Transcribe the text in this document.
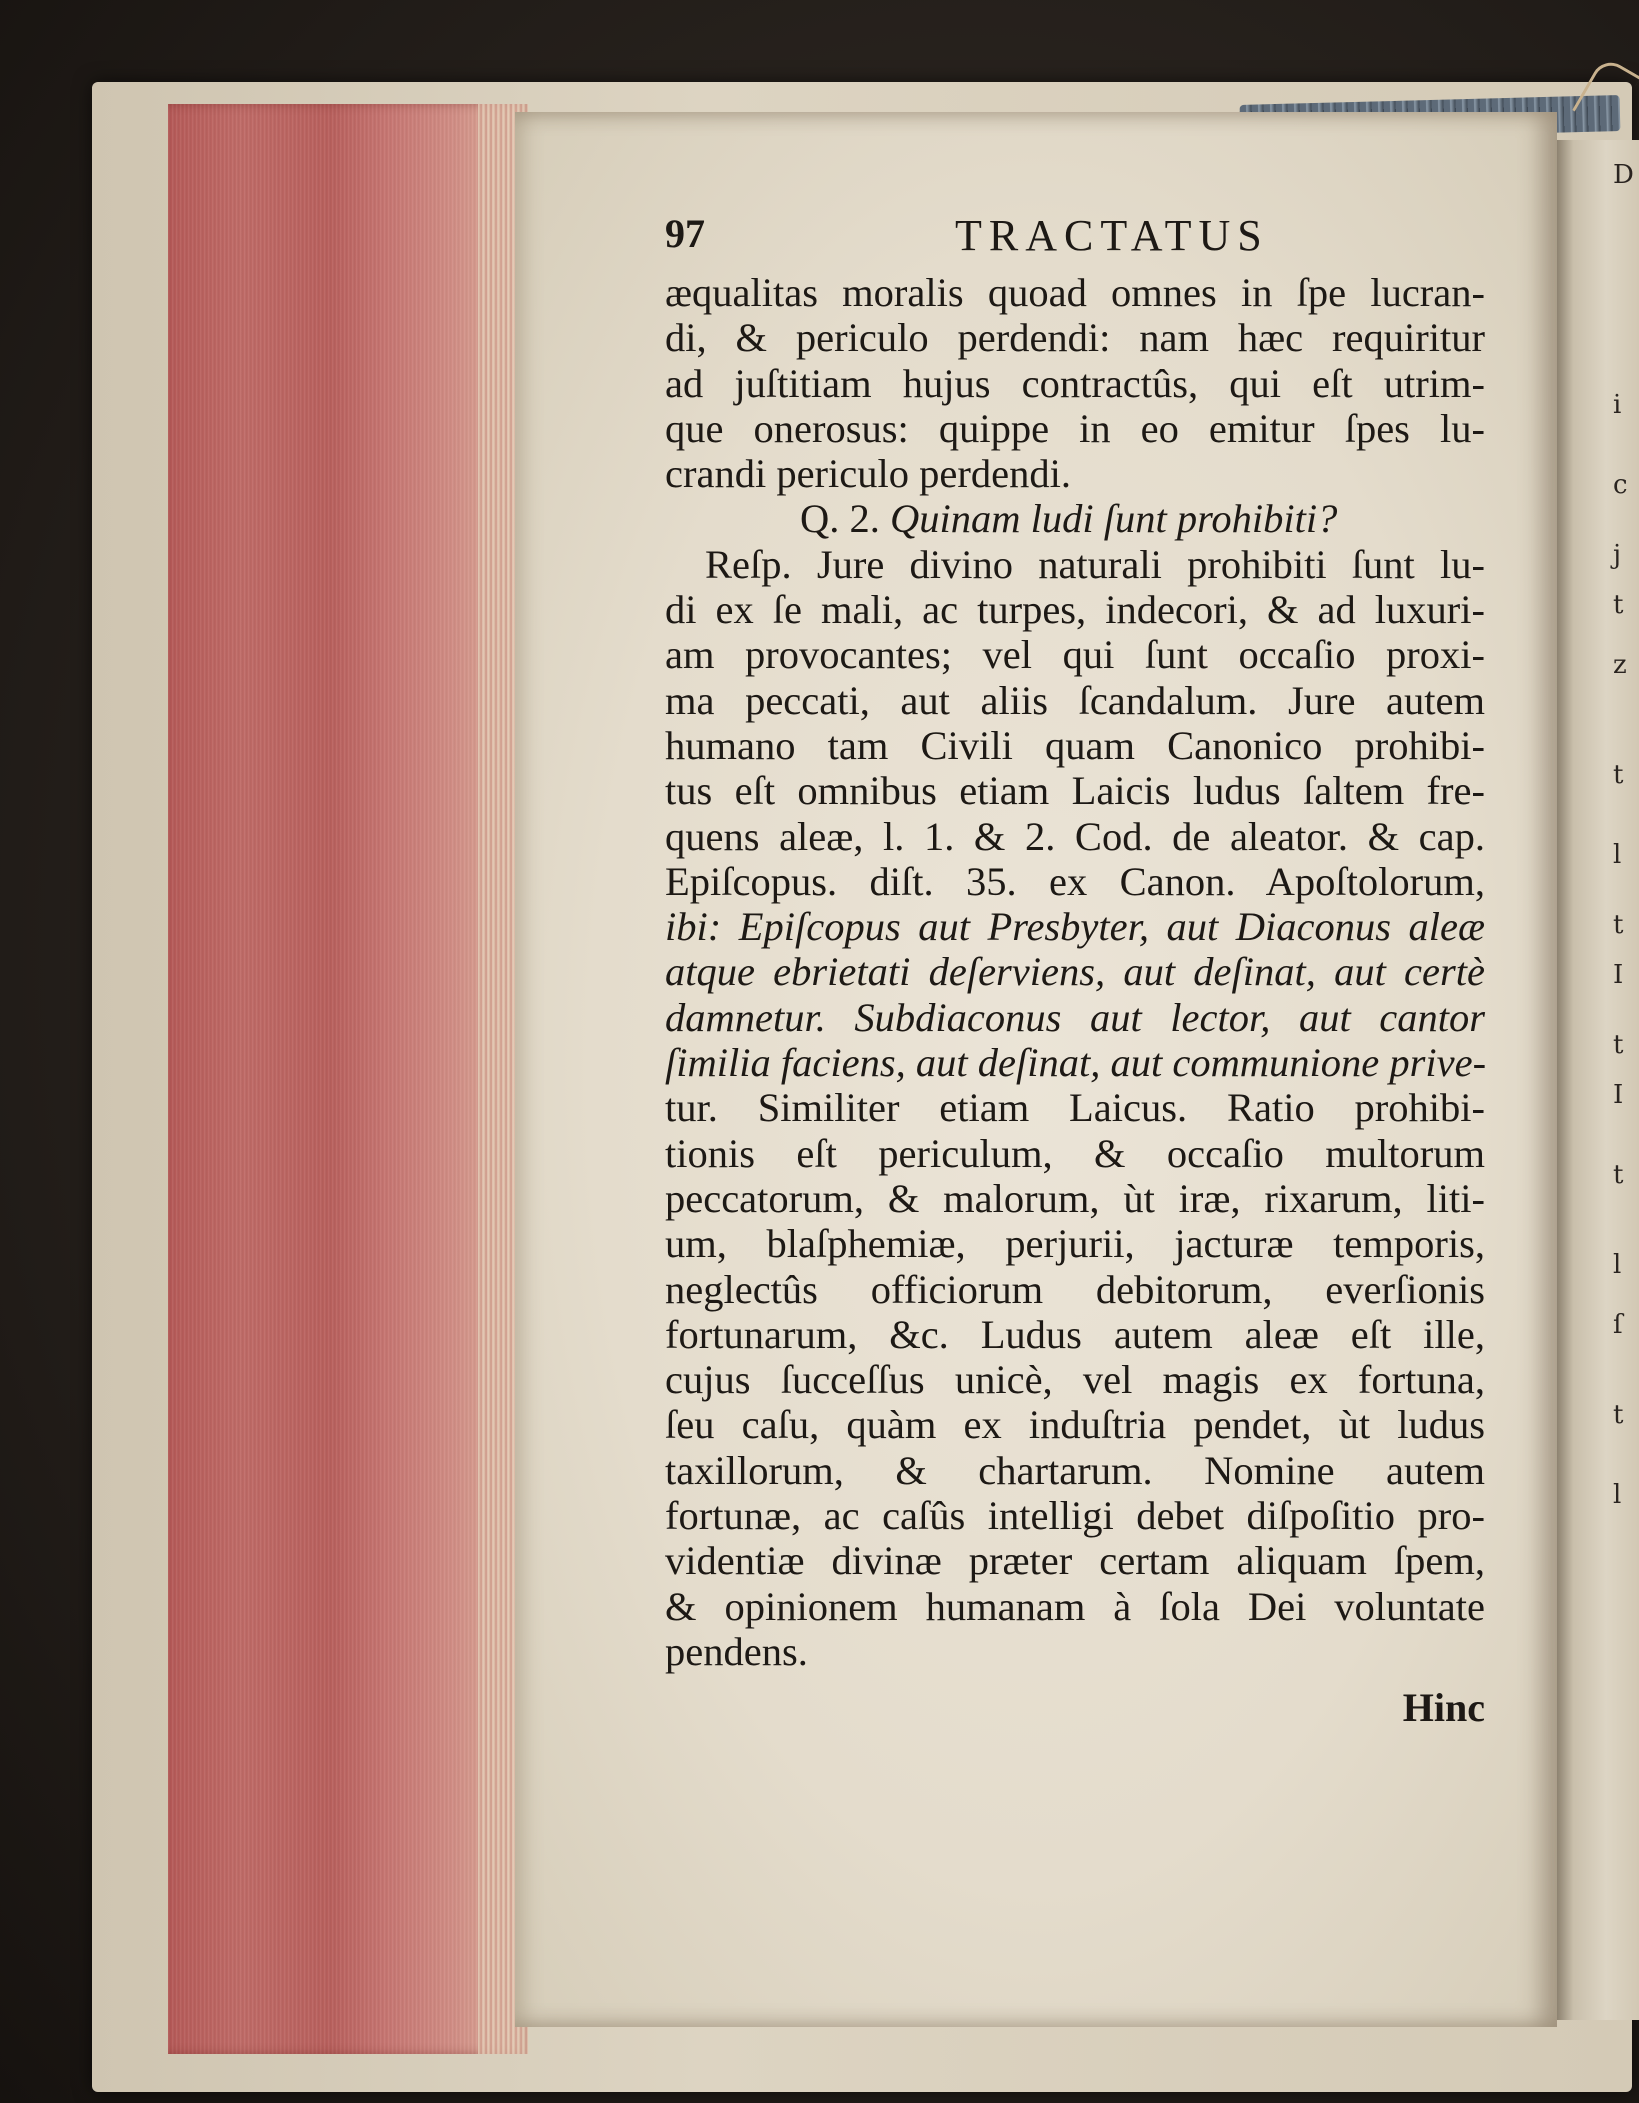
D
i
c
j
t
z
t
l
t
I
t
I
t
l
ſ
t
l
97	TRACTATUS
æqualitas moralis quoad omnes in ſpe lucran-
di, & periculo perdendi: nam hæc requiritur
ad juſtitiam hujus contractûs, qui eſt utrim-
que onerosus: quippe in eo emitur ſpes lu-
crandi periculo perdendi.
Q. 2. Quinam ludi ſunt prohibiti?
Reſp. Jure divino naturali prohibiti ſunt lu-
di ex ſe mali, ac turpes, indecori, & ad luxuri-
am provocantes; vel qui ſunt occaſio proxi-
ma peccati, aut aliis ſcandalum. Jure autem
humano tam Civili quam Canonico prohibi-
tus eſt omnibus etiam Laicis ludus ſaltem fre-
quens aleæ, l. 1. & 2. Cod. de aleator. & cap.
Epiſcopus. diſt. 35. ex Canon. Apoſtolorum,
ibi: Epiſcopus aut Presbyter, aut Diaconus aleæ
atque ebrietati deſerviens, aut deſinat, aut certè
damnetur. Subdiaconus aut lector, aut cantor
ſimilia faciens, aut deſinat, aut communione prive-
tur. Similiter etiam Laicus. Ratio prohibi-
tionis eſt periculum, & occaſio multorum
peccatorum, & malorum, ùt iræ, rixarum, liti-
um, blaſphemiæ, perjurii, jacturæ temporis,
neglectûs officiorum debitorum, everſionis
fortunarum, &c. Ludus autem aleæ eſt ille,
cujus ſucceſſus unicè, vel magis ex fortuna,
ſeu caſu, quàm ex induſtria pendet, ùt ludus
taxillorum, & chartarum. Nomine autem
fortunæ, ac caſûs intelligi debet diſpoſitio pro-
videntiæ divinæ præter certam aliquam ſpem,
& opinionem humanam à ſola Dei voluntate
pendens.
Hinc
